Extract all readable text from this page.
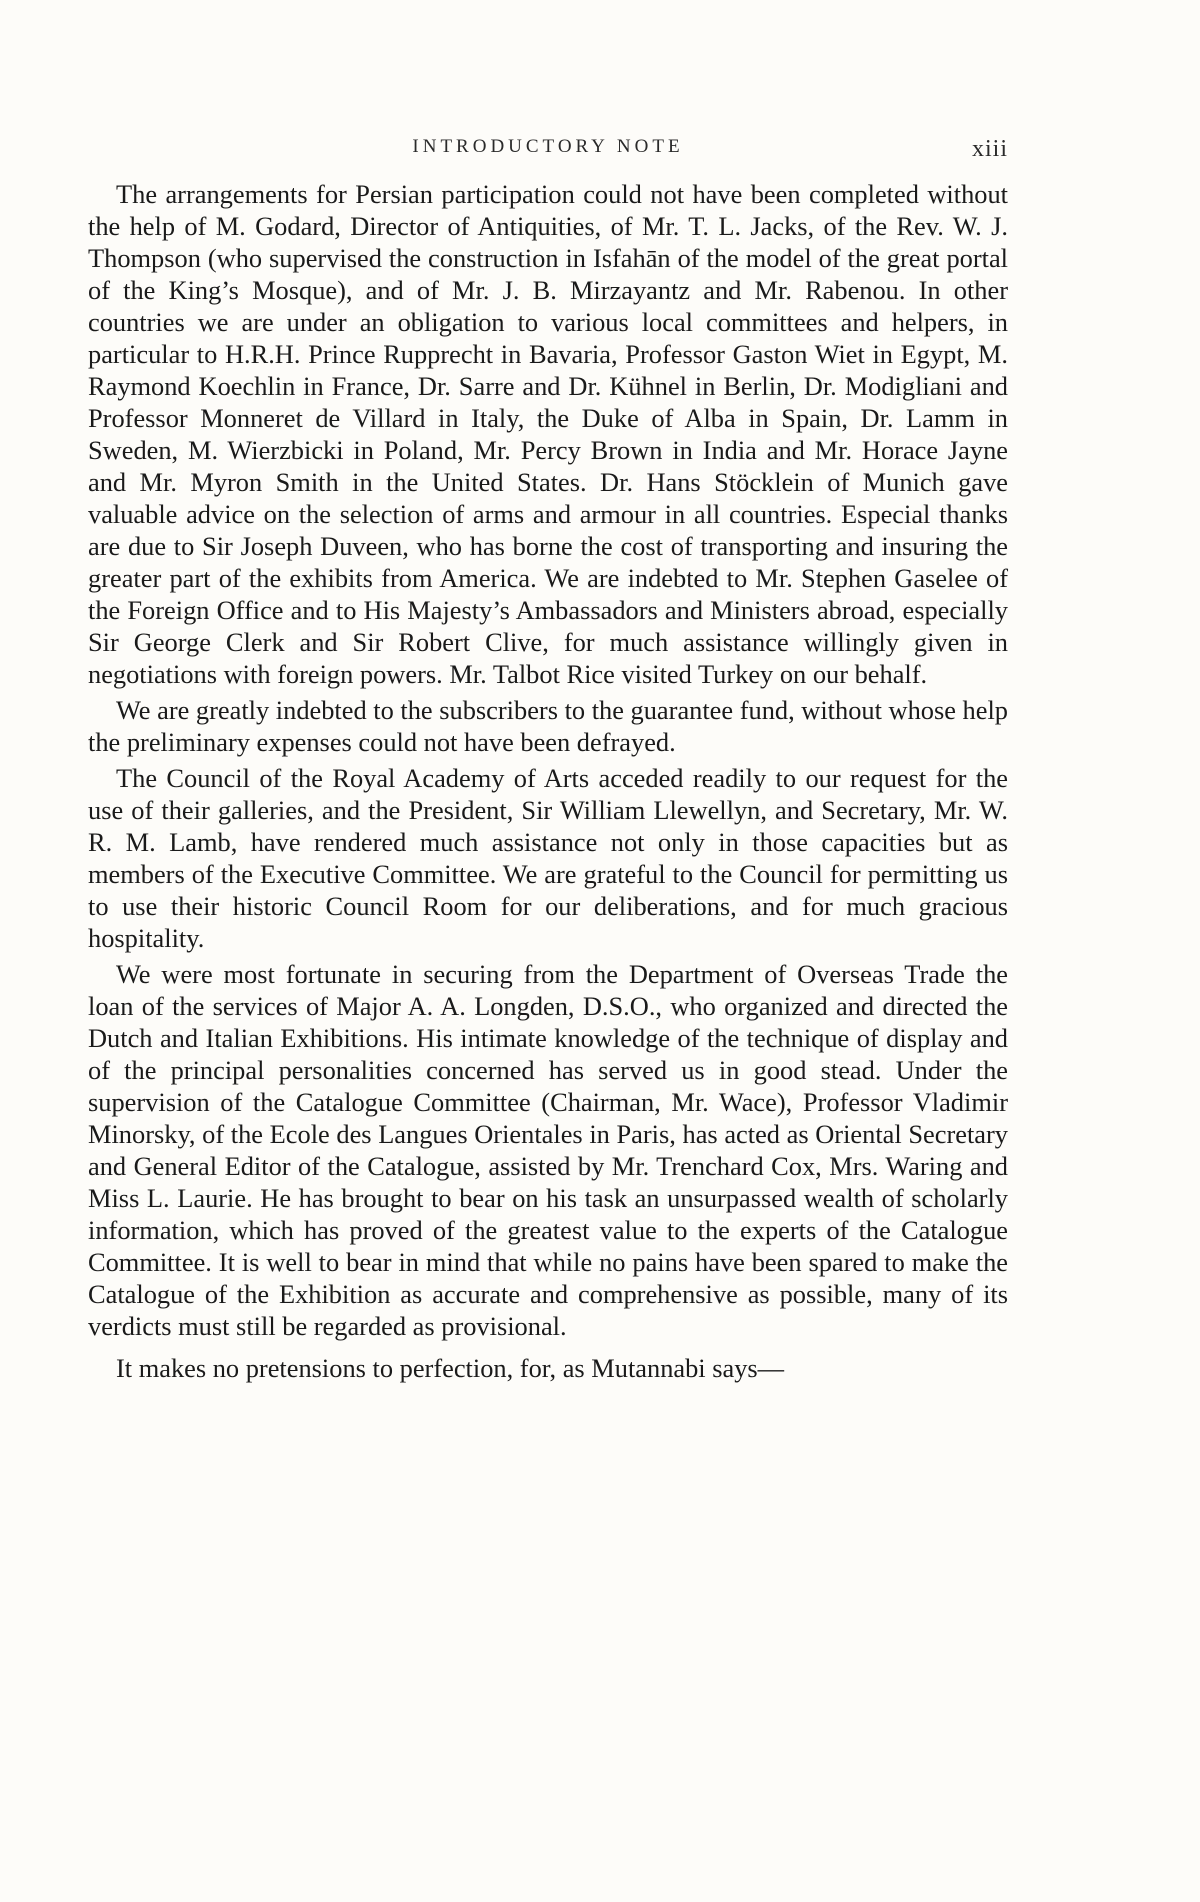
INTRODUCTORY NOTE	xiii

The arrangements for Persian participation could not have been completed without the help of M. Godard, Director of Antiquities, of Mr. T. L. Jacks, of the Rev. W. J. Thompson (who supervised the construction in Isfahān of the model of the great portal of the King’s Mosque), and of Mr. J. B. Mirzayantz and Mr. Rabenou. In other countries we are under an obligation to various local committees and helpers, in particular to H.R.H. Prince Rupprecht in Bavaria, Professor Gaston Wiet in Egypt, M. Raymond Koechlin in France, Dr. Sarre and Dr. Kühnel in Berlin, Dr. Modigliani and Professor Monneret de Villard in Italy, the Duke of Alba in Spain, Dr. Lamm in Sweden, M. Wierzbicki in Poland, Mr. Percy Brown in India and Mr. Horace Jayne and Mr. Myron Smith in the United States. Dr. Hans Stöcklein of Munich gave valuable advice on the selection of arms and armour in all countries. Especial thanks are due to Sir Joseph Duveen, who has borne the cost of transporting and insuring the greater part of the exhibits from America. We are indebted to Mr. Stephen Gaselee of the Foreign Office and to His Majesty’s Ambassadors and Ministers abroad, especially Sir George Clerk and Sir Robert Clive, for much assistance willingly given in negotiations with foreign powers. Mr. Talbot Rice visited Turkey on our behalf.

We are greatly indebted to the subscribers to the guarantee fund, without whose help the preliminary expenses could not have been defrayed.

The Council of the Royal Academy of Arts acceded readily to our request for the use of their galleries, and the President, Sir William Llewellyn, and Secretary, Mr. W. R. M. Lamb, have rendered much assistance not only in those capacities but as members of the Executive Committee. We are grateful to the Council for permitting us to use their historic Council Room for our deliberations, and for much gracious hospitality.

We were most fortunate in securing from the Department of Overseas Trade the loan of the services of Major A. A. Longden, D.S.O., who organized and directed the Dutch and Italian Exhibitions. His intimate knowledge of the technique of display and of the principal personalities concerned has served us in good stead. Under the supervision of the Catalogue Committee (Chairman, Mr. Wace), Professor Vladimir Minorsky, of the Ecole des Langues Orientales in Paris, has acted as Oriental Secretary and General Editor of the Catalogue, assisted by Mr. Trenchard Cox, Mrs. Waring and Miss L. Laurie. He has brought to bear on his task an unsurpassed wealth of scholarly information, which has proved of the greatest value to the experts of the Catalogue Committee. It is well to bear in mind that while no pains have been spared to make the Catalogue of the Exhibition as accurate and comprehensive as possible, many of its verdicts must still be regarded as provisional.

It makes no pretensions to perfection, for, as Mutannabi says—
